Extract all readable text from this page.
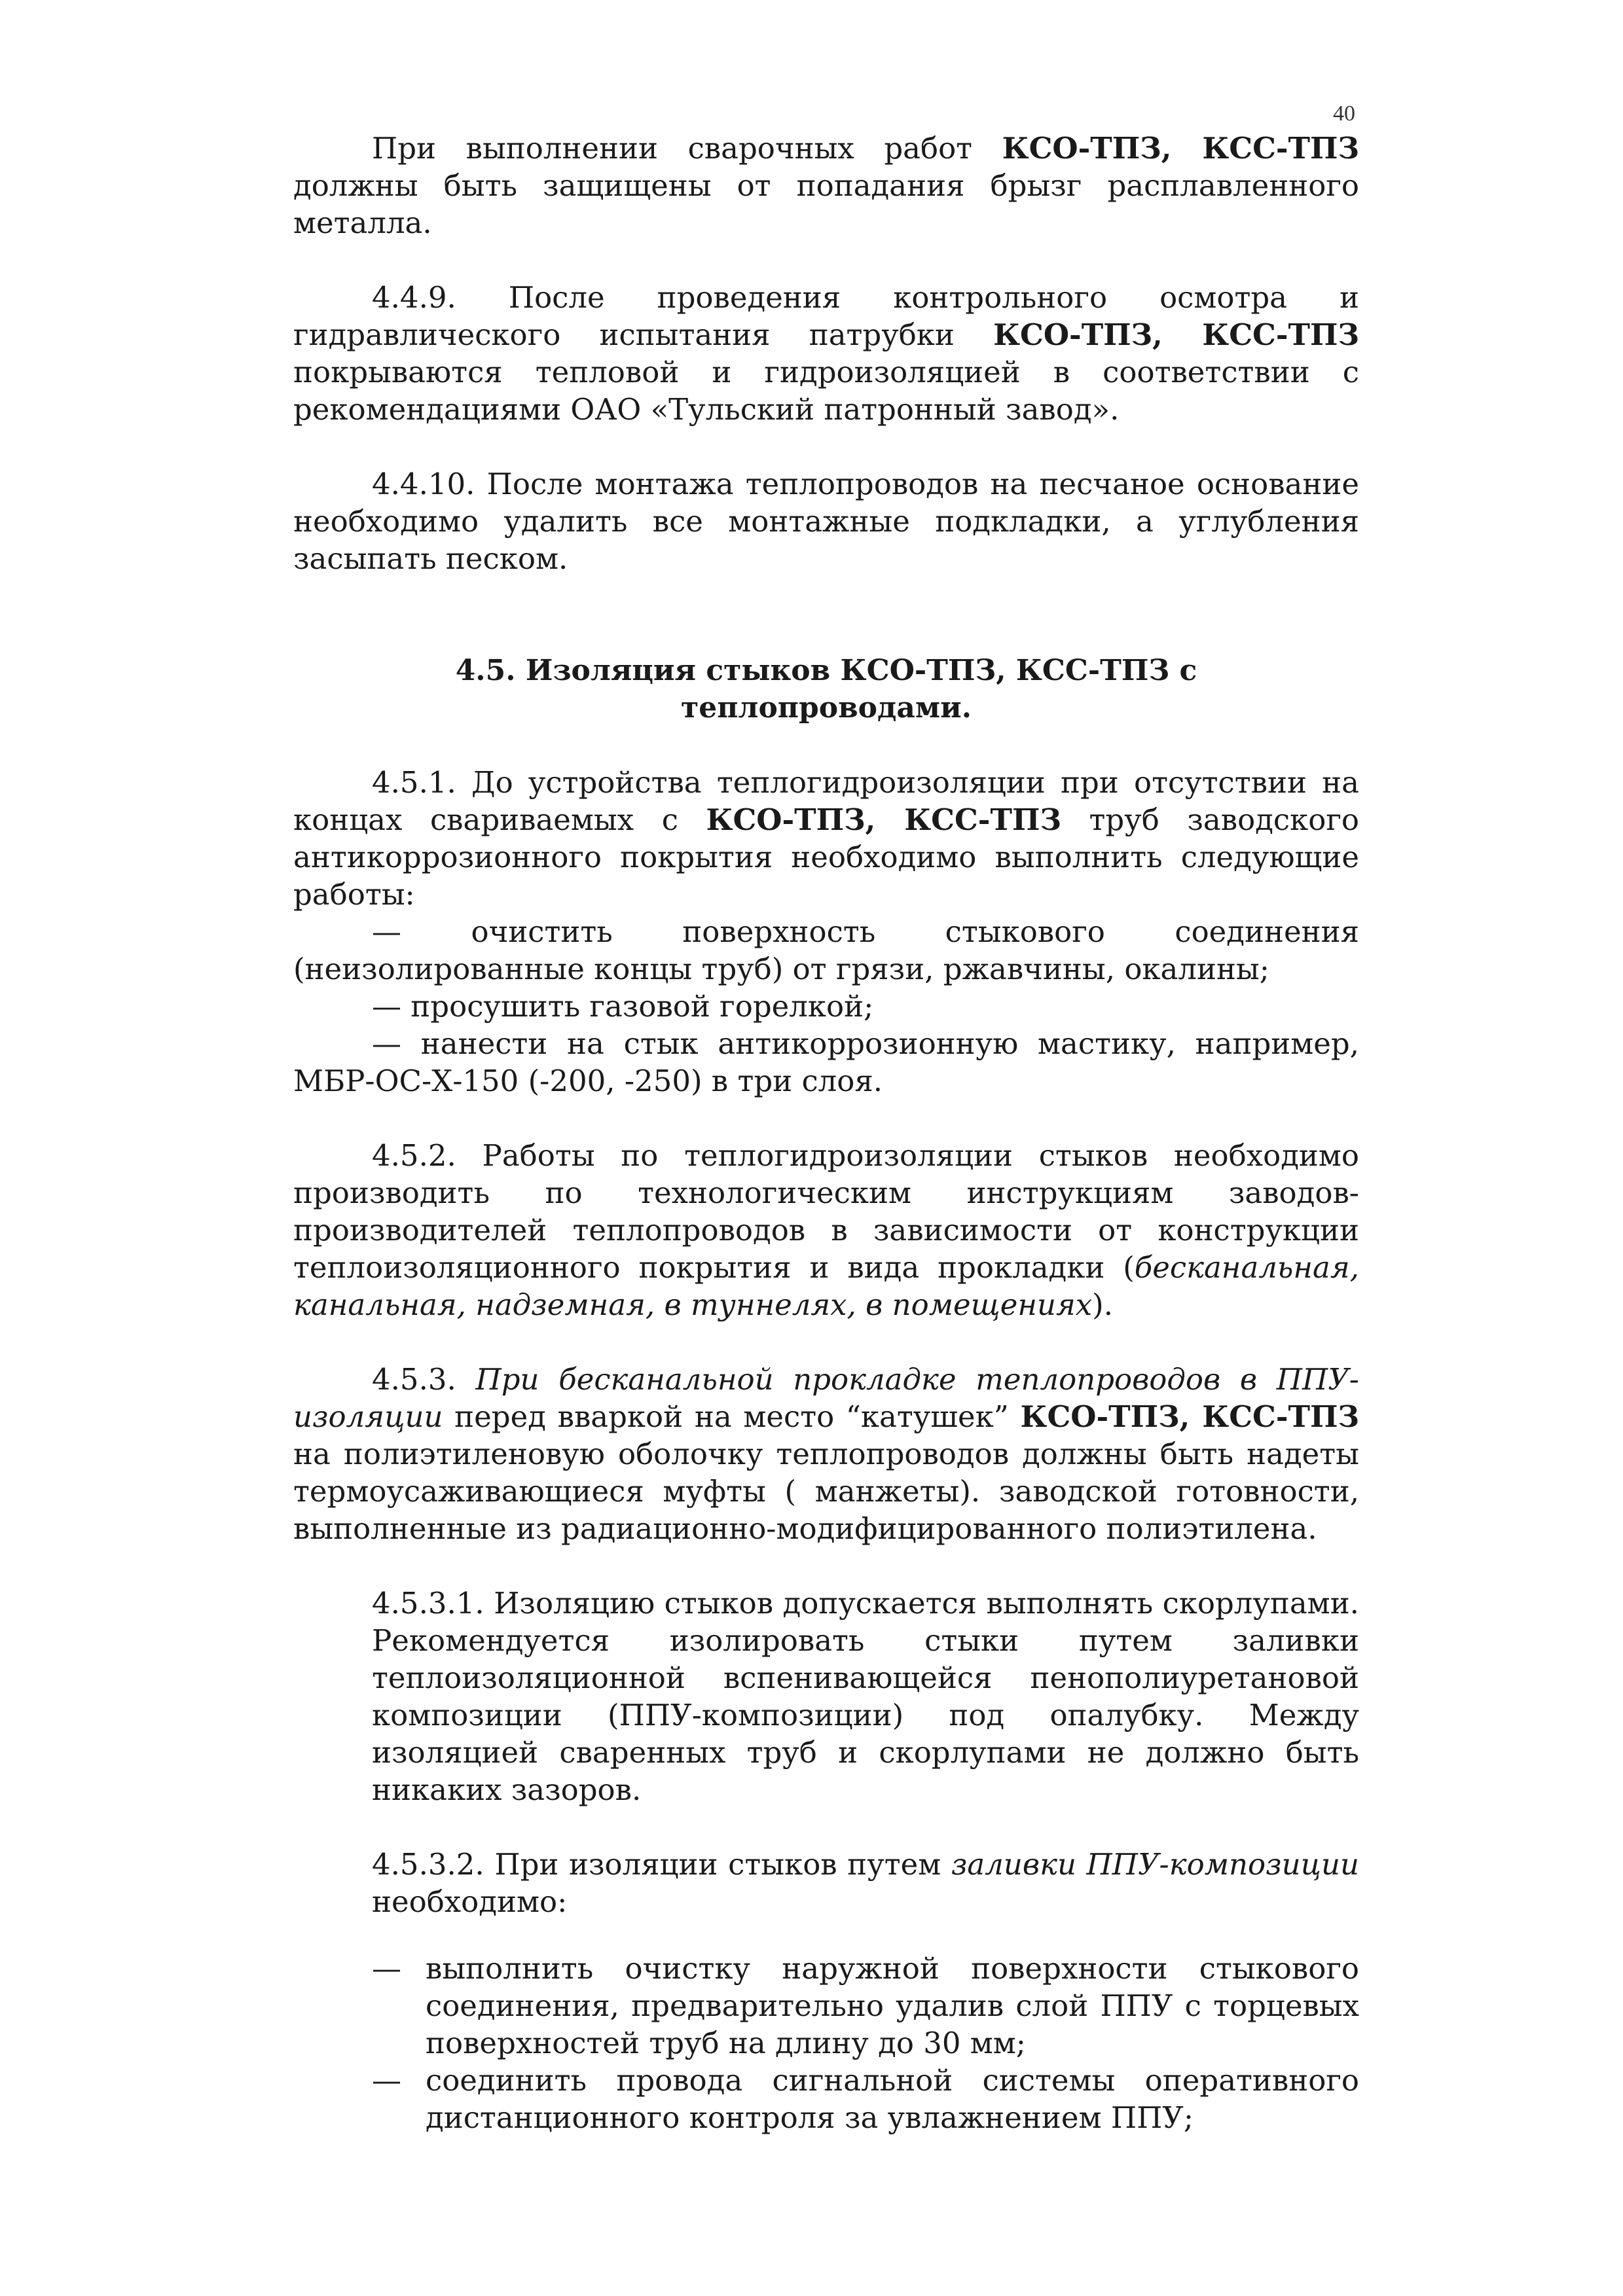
40

При выполнении сварочных работ КСО-ТПЗ, КСС-ТПЗ должны быть защищены от попадания брызг расплавленного металла.

4.4.9. После проведения контрольного осмотра и гидравлического испытания патрубки КСО-ТПЗ, КСС-ТПЗ покрываются тепловой и гидроизоляцией в соответствии с рекомендациями ОАО «Тульский патронный завод».

4.4.10. После монтажа теплопроводов на песчаное основание необходимо удалить все монтажные подкладки, а углубления засыпать песком.

4.5. Изоляция стыков КСО-ТПЗ, КСС-ТПЗ с
теплопроводами.

4.5.1. До устройства теплогидроизоляции при отсутствии на концах свариваемых с КСО-ТПЗ, КСС-ТПЗ труб заводского антикоррозионного покрытия необходимо выполнить следующие работы:

— очистить поверхность стыкового соединения (неизолированные концы труб) от грязи, ржавчины, окалины;

— просушить газовой горелкой;

— нанести на стык антикоррозионную мастику, например, МБР-ОС-Х-150 (-200, -250) в три слоя.

4.5.2. Работы по теплогидроизоляции стыков необходимо производить по технологическим инструкциям заводов-производителей теплопроводов в зависимости от конструкции теплоизоляционного покрытия и вида прокладки (бесканальная, канальная, надземная, в туннелях, в помещениях).

4.5.3. При бесканальной прокладке теплопроводов в ППУ-изоляции перед вваркой на место “катушек” КСО-ТПЗ, КСС-ТПЗ на полиэтиленовую оболочку теплопроводов должны быть надеты термоусаживающиеся муфты ( манжеты). заводской готовности, выполненные из радиационно-модифицированного полиэтилена.

4.5.3.1. Изоляцию стыков допускается выполнять скорлупами. Рекомендуется изолировать стыки путем заливки теплоизоляционной вспенивающейся пенополиуретановой композиции (ППУ-композиции) под опалубку. Между изоляцией сваренных труб и скорлупами не должно быть никаких зазоров.

4.5.3.2. При изоляции стыков путем заливки ППУ-композиции необходимо:

— выполнить очистку наружной поверхности стыкового соединения, предварительно удалив слой ППУ с торцевых поверхностей труб на длину до 30 мм;
— соединить провода сигнальной системы оперативного дистанционного контроля за увлажнением ППУ;
